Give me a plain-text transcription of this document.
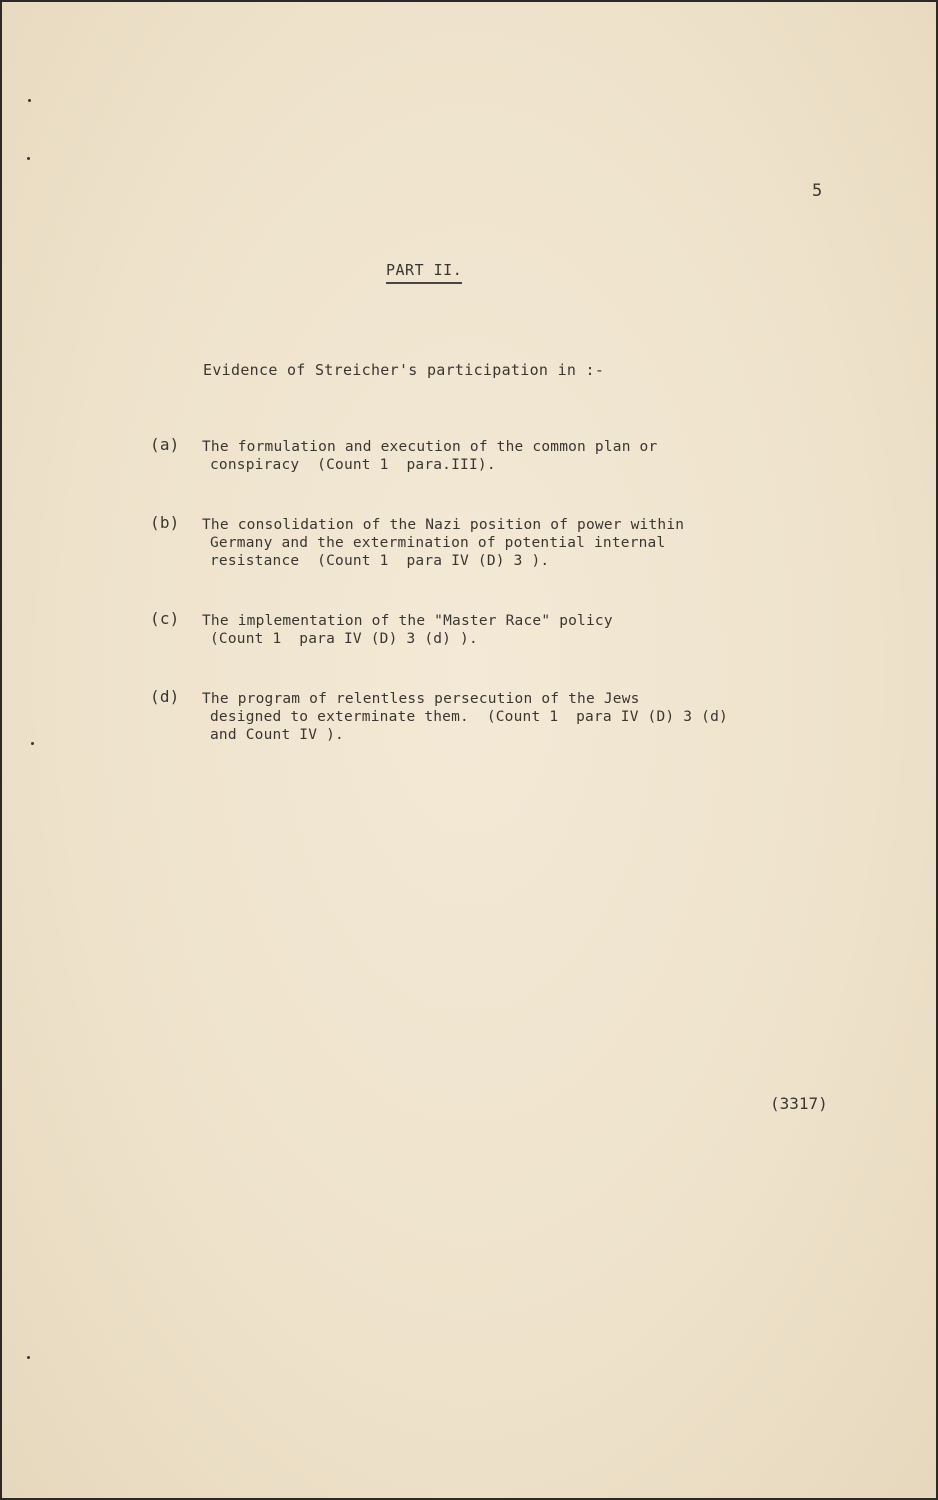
5
PART II.
Evidence of Streicher's participation in :-
(a) The formulation and execution of the common plan or
conspiracy  (Count 1  para.III).
(b) The consolidation of the Nazi position of power within
Germany and the extermination of potential internal
resistance  (Count 1  para IV (D) 3 ).
(c) The implementation of the "Master Race" policy
(Count 1  para IV (D) 3 (d) ).
(d) The program of relentless persecution of the Jews
designed to exterminate them.  (Count 1  para IV (D) 3 (d)
and Count IV ).
(3317)
